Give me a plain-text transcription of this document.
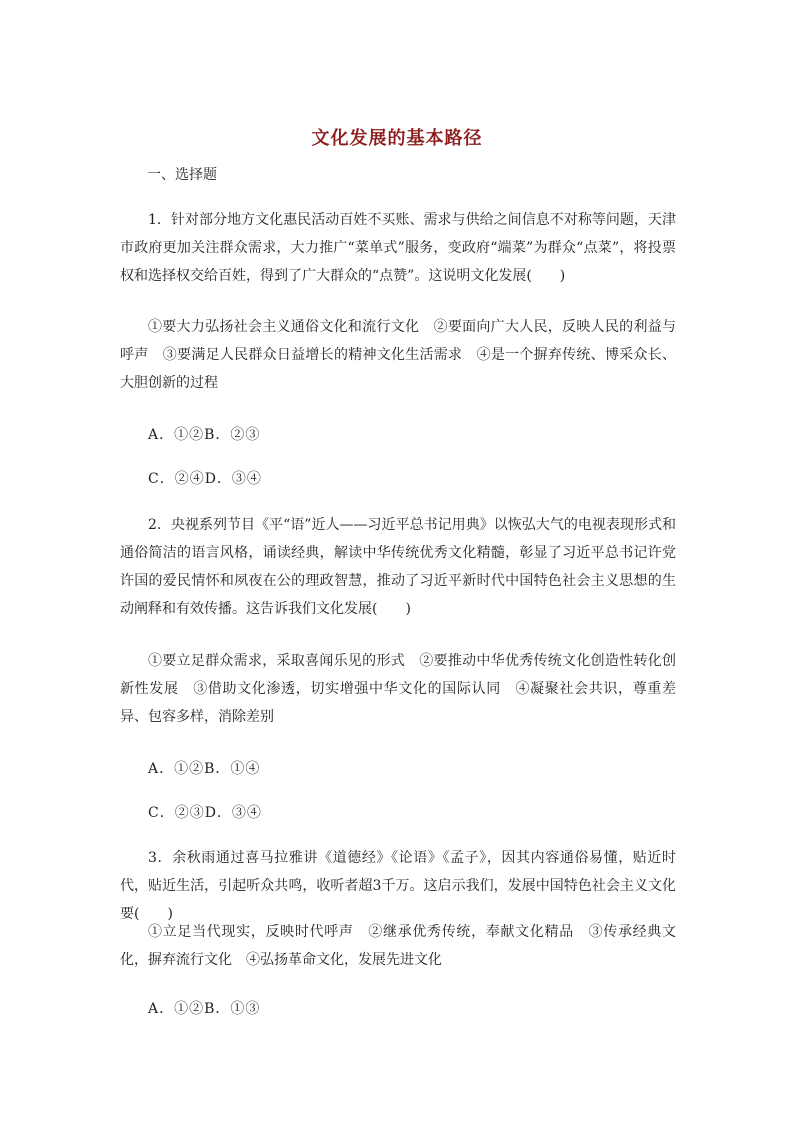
文化发展的基本路径
一、选择题
1．针对部分地方文化惠民活动百姓不买账、需求与供给之间信息不对称等问题，天津市政府更加关注群众需求，大力推广“菜单式”服务，变政府“端菜”为群众“点菜”，将投票权和选择权交给百姓，得到了广大群众的“点赞”。这说明文化发展(　　)
①要大力弘扬社会主义通俗文化和流行文化　②要面向广大人民，反映人民的利益与呼声　③要满足人民群众日益增长的精神文化生活需求　④是一个摒弃传统、博采众长、大胆创新的过程
A．①②B．②③
C．②④D．③④
2．央视系列节目《平“语”近人——习近平总书记用典》以恢弘大气的电视表现形式和通俗简洁的语言风格，诵读经典，解读中华传统优秀文化精髓，彰显了习近平总书记许党许国的爱民情怀和夙夜在公的理政智慧，推动了习近平新时代中国特色社会主义思想的生动阐释和有效传播。这告诉我们文化发展(　　)
①要立足群众需求，采取喜闻乐见的形式　②要推动中华优秀传统文化创造性转化创新性发展　③借助文化渗透，切实增强中华文化的国际认同　④凝聚社会共识，尊重差异、包容多样，消除差别
A．①②B．①④
C．②③D．③④
3．余秋雨通过喜马拉雅讲《道德经》《论语》《孟子》，因其内容通俗易懂，贴近时代，贴近生活，引起听众共鸣，收听者超3千万。这启示我们，发展中国特色社会主义文化要(　　)
①立足当代现实，反映时代呼声　②继承优秀传统，奉献文化精品　③传承经典文化，摒弃流行文化　④弘扬革命文化，发展先进文化
A．①②B．①③
